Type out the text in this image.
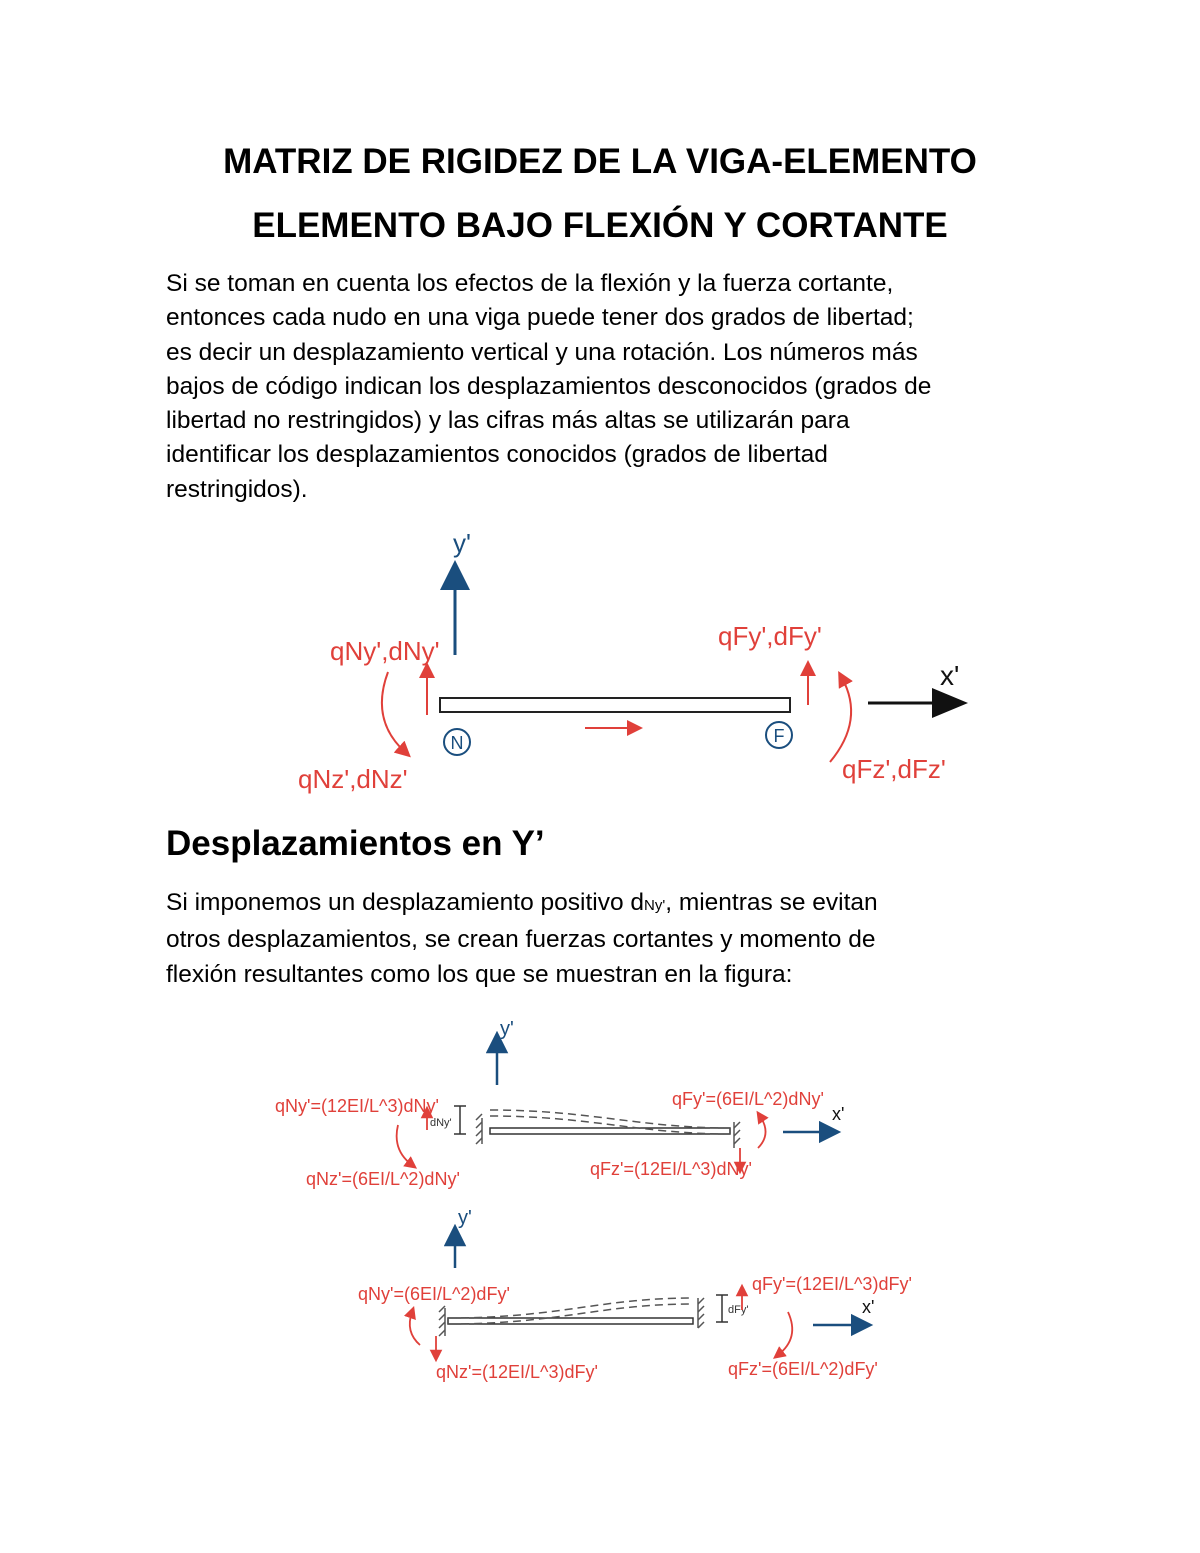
MATRIZ DE RIGIDEZ DE LA VIGA-ELEMENTO
ELEMENTO BAJO FLEXIÓN Y CORTANTE
Si se toman en cuenta los efectos de la flexión y la fuerza cortante,
entonces cada nudo en una viga puede tener dos grados de libertad;
es decir un desplazamiento vertical y una rotación. Los números más
bajos de código indican los desplazamientos desconocidos (grados de
libertad no restringidos) y las cifras más altas se utilizarán para
identificar los desplazamientos conocidos (grados de libertad
restringidos).
y'
x'
N	F
qNy',dNy'
qNz',dNz'
qFy',dFy'
qFz',dFz'
Desplazamientos en Y’
Si imponemos un desplazamiento positivo dNy', mientras se evitan
otros desplazamientos, se crean fuerzas cortantes y momento de
flexión resultantes como los que se muestran en la figura:
y'
dNy'	x'
qNy'=(12EI/L^3)dNy'
qNz'=(6EI/L^2)dNy'
qFy'=(6EI/L^2)dNy'
qFz'=(12EI/L^3)dNy'
y'
dFy'	x'
qNy'=(6EI/L^2)dFy'
qNz'=(12EI/L^3)dFy'
qFy'=(12EI/L^3)dFy'
qFz'=(6EI/L^2)dFy'
